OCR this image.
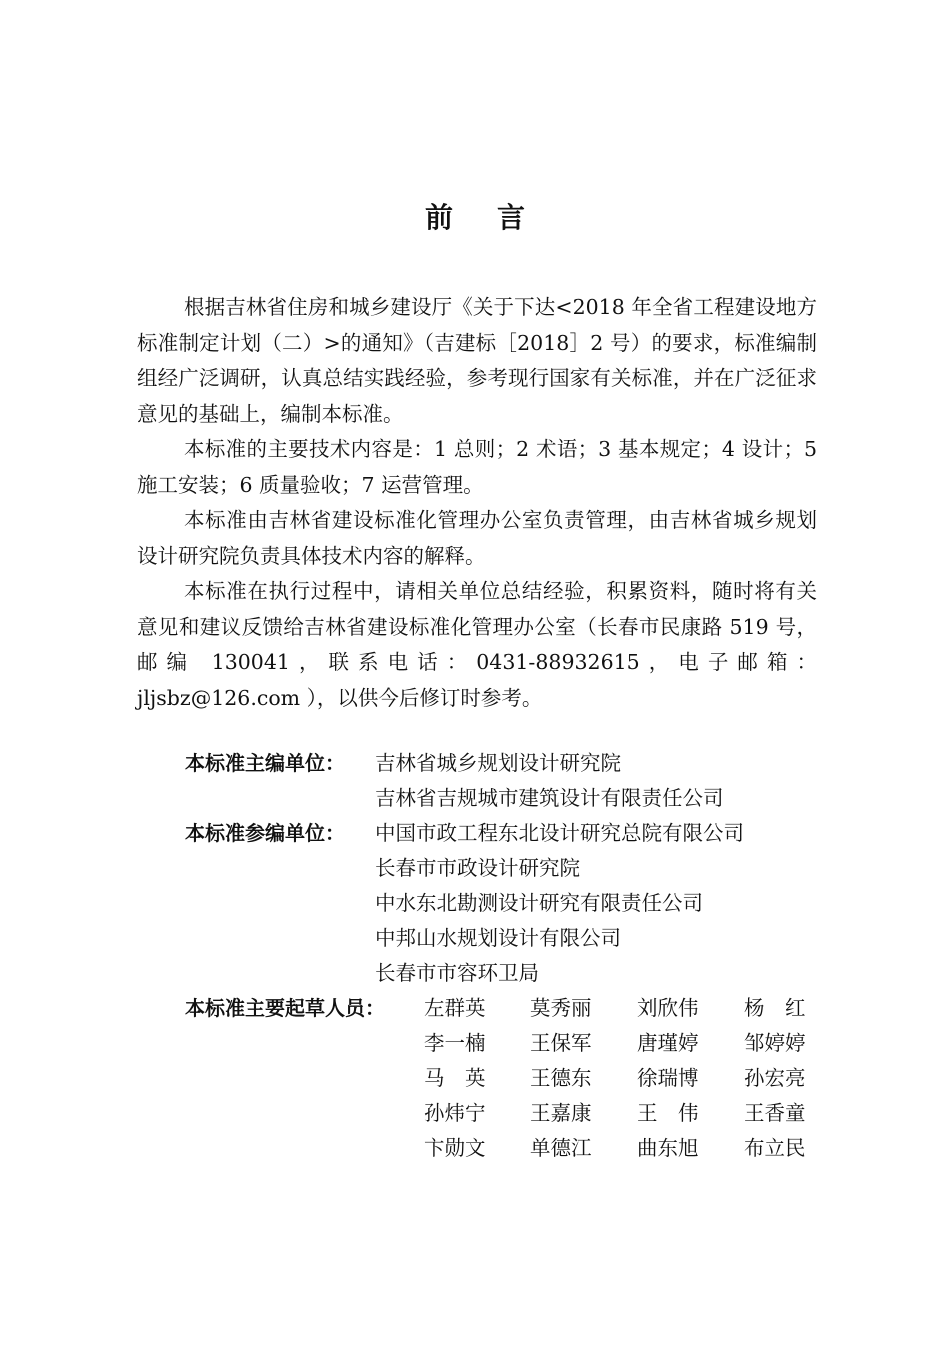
前 言

根据吉林省住房和城乡建设厅《关于下达<2018 年全省工程建设地方标准制定计划（二）>的通知》（吉建标［2018］2 号）的要求，标准编制组经广泛调研，认真总结实践经验，参考现行国家有关标准，并在广泛征求意见的基础上，编制本标准。

本标准的主要技术内容是：1 总则；2 术语；3 基本规定；4 设计；5 施工安装；6 质量验收；7 运营管理。

本标准由吉林省建设标准化管理办公室负责管理，由吉林省城乡规划设计研究院负责具体技术内容的解释。

本标准在执行过程中，请相关单位总结经验，积累资料，随时将有关意见和建议反馈给吉林省建设标准化管理办公室（长春市民康路 519 号，邮编 130041，联系电话：0431-88932615，电子邮箱：jljsbz@126.com ），以供今后修订时参考。

本标准主编单位： 吉林省城乡规划设计研究院
吉林省吉规城市建筑设计有限责任公司
本标准参编单位： 中国市政工程东北设计研究总院有限公司
长春市市政设计研究院
中水东北勘测设计研究有限责任公司
中邦山水规划设计有限公司
长春市市容环卫局
本标准主要起草人员： 左群英 莫秀丽 刘欣伟 杨　红
李一楠 王保军 唐瑾婷 邹婷婷
马　英 王德东 徐瑞博 孙宏亮
孙炜宁 王嘉康 王　伟 王香童
卞勋文 单德江 曲东旭 布立民
